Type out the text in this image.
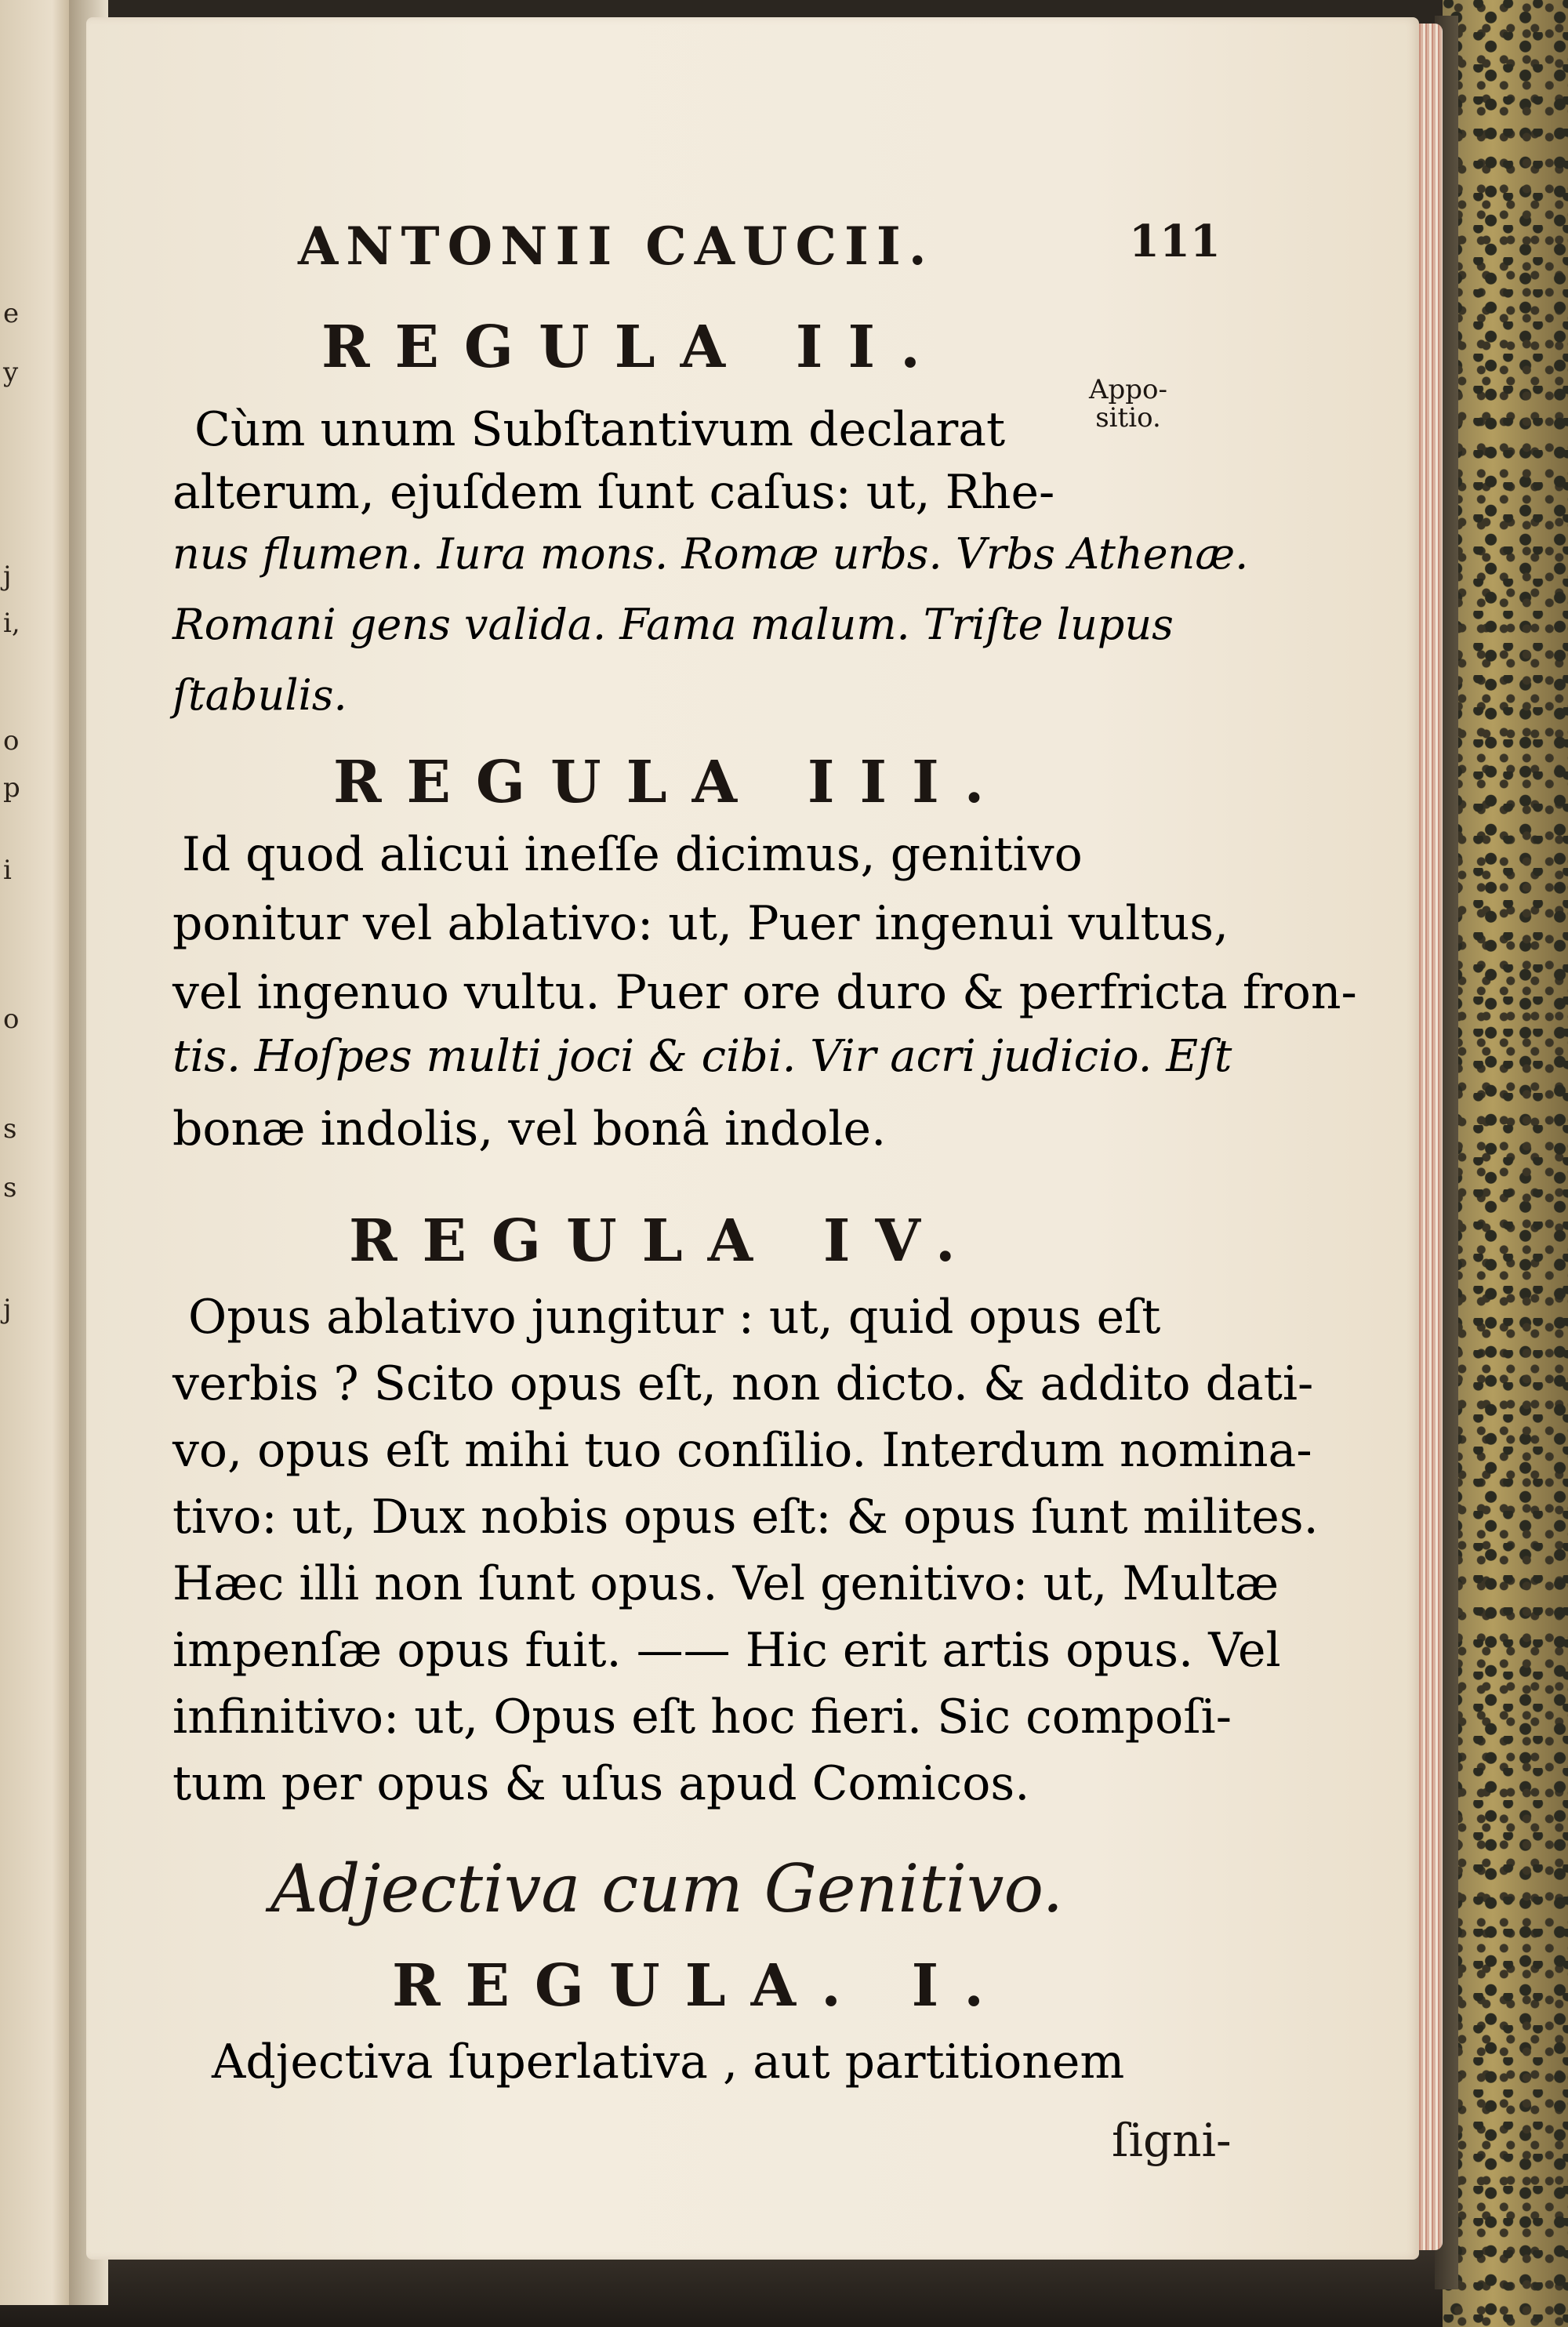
e
y
j
i,
o
p
i
o
s
s
j
ANTONII CAUCII.	111
REGULA II.
Appo-sitio.
Cùm unum Subſtantivum declarat
alterum, ejuſdem ſunt caſus: ut, Rhe-
nus flumen. Iura mons. Romæ urbs. Vrbs Athenæ.
Romani gens valida. Fama malum. Triſte lupus
ſtabulis.
REGULA III.
Id quod alicui ineſſe dicimus, genitivo
ponitur vel ablativo: ut, Puer ingenui vultus,
vel ingenuo vultu. Puer ore duro & perfricta fron-
tis. Hoſpes multi joci & cibi. Vir acri judicio. Eſt
bonæ indolis, vel bonâ indole.
REGULA IV.
Opus ablativo jungitur : ut, quid opus eſt
verbis ? Scito opus eſt, non dicto. & addito dati-
vo, opus eſt mihi tuo conſilio. Interdum nomina-
tivo: ut, Dux nobis opus eſt: & opus ſunt milites.
Hæc illi non ſunt opus. Vel genitivo: ut, Multæ
impenſæ opus fuit. —— Hic erit artis opus. Vel
infinitivo: ut, Opus eſt hoc fieri. Sic compoſi-
tum per opus & uſus apud Comicos.
Adjectiva cum Genitivo.
REGULA. I.
Adjectiva ſuperlativa , aut partitionem
ſigni-
